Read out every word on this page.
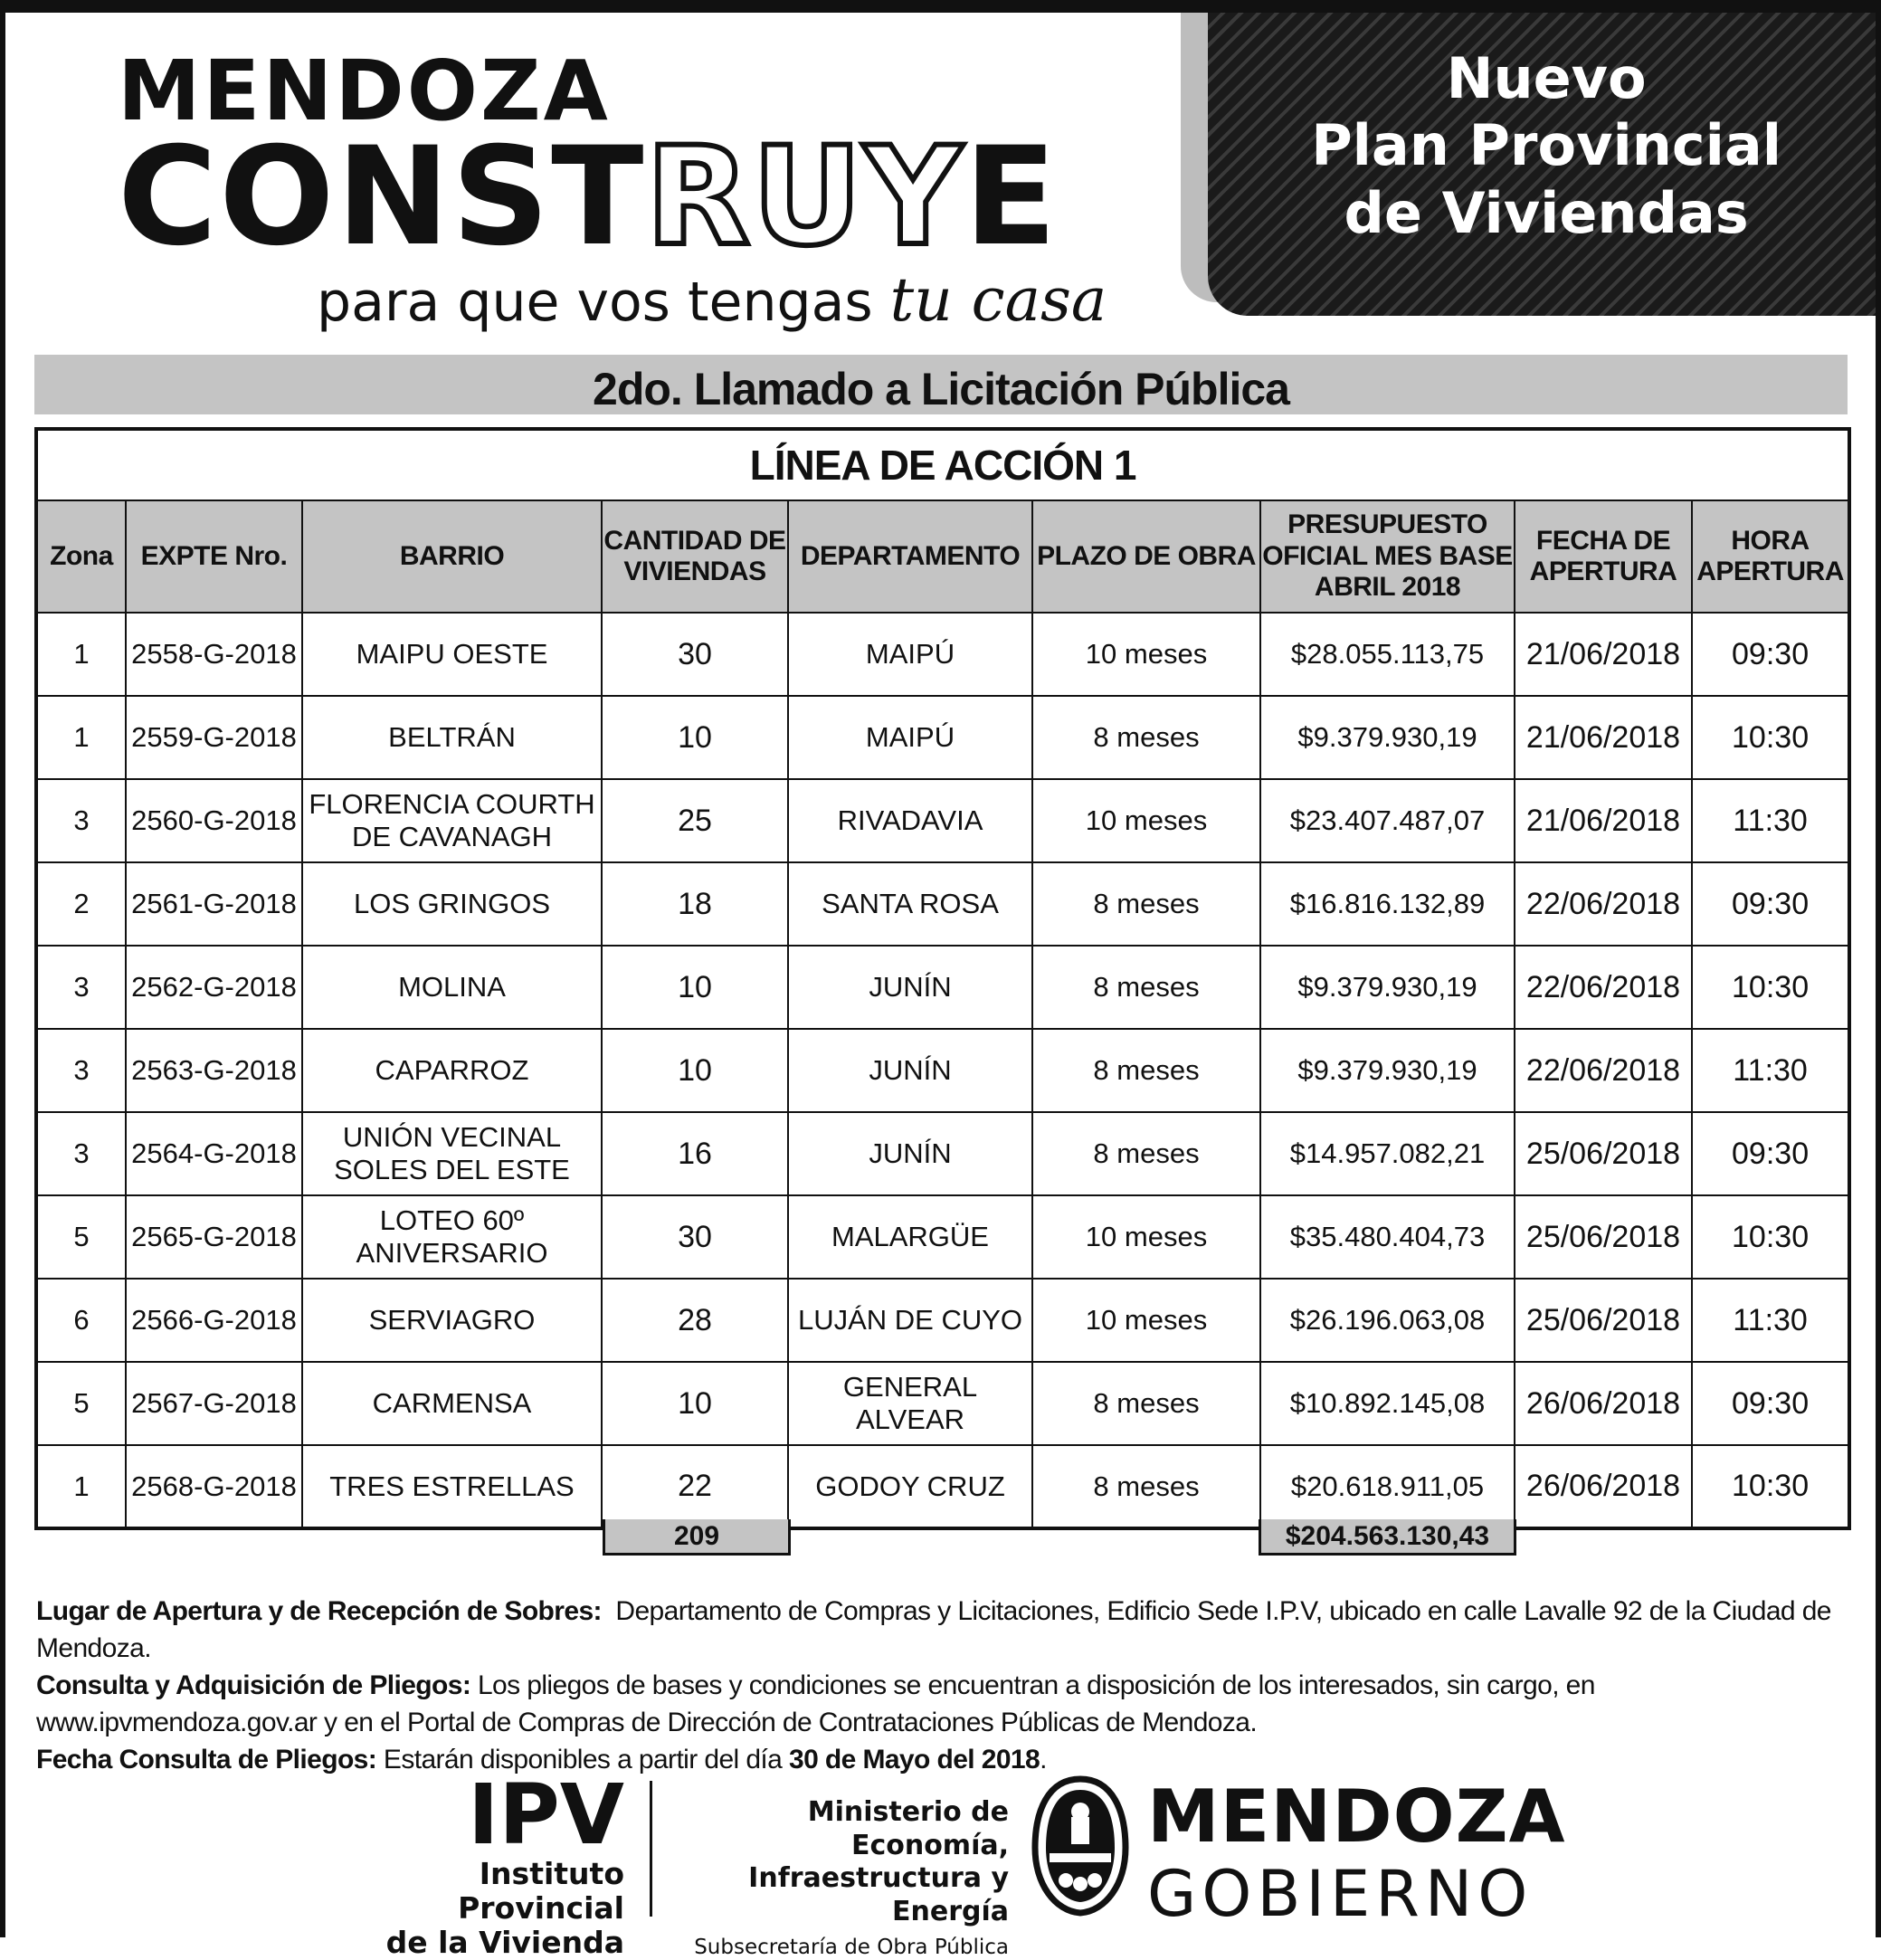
MENDOZA
CONSTRUYE
para que vos tengas tu casa
Nuevo
Plan Provincial
de Viviendas
2do. Llamado a Licitación Pública
LÍNEA DE ACCIÓN 1								
Zona	EXPTE Nro.	BARRIO	CANTIDAD DE VIVIENDAS	DEPARTAMENTO	PLAZO DE OBRA	PRESUPUESTO OFICIAL MES BASE ABRIL 2018	FECHA DE APERTURA	HORA APERTURA
1	2558-G-2018	MAIPU OESTE	30	MAIPÚ	10 meses	$28.055.113,75	21/06/2018	09:30
1	2559-G-2018	BELTRÁN	10	MAIPÚ	8 meses	$9.379.930,19	21/06/2018	10:30
3	2560-G-2018	FLORENCIA COURTH DE CAVANAGH	25	RIVADAVIA	10 meses	$23.407.487,07	21/06/2018	11:30
2	2561-G-2018	LOS GRINGOS	18	SANTA ROSA	8 meses	$16.816.132,89	22/06/2018	09:30
3	2562-G-2018	MOLINA	10	JUNÍN	8 meses	$9.379.930,19	22/06/2018	10:30
3	2563-G-2018	CAPARROZ	10	JUNÍN	8 meses	$9.379.930,19	22/06/2018	11:30
3	2564-G-2018	UNIÓN VECINAL SOLES DEL ESTE	16	JUNÍN	8 meses	$14.957.082,21	25/06/2018	09:30
5	2565-G-2018	LOTEO 60º ANIVERSARIO	30	MALARGÜE	10 meses	$35.480.404,73	25/06/2018	10:30
6	2566-G-2018	SERVIAGRO	28	LUJÁN DE CUYO	10 meses	$26.196.063,08	25/06/2018	11:30
5	2567-G-2018	CARMENSA	10	GENERAL ALVEAR	8 meses	$10.892.145,08	26/06/2018	09:30
1	2568-G-2018	TRES ESTRELLAS	22	GODOY CRUZ	8 meses	$20.618.911,05	26/06/2018	10:30
209	$204.563.130,43
Lugar de Apertura y de Recepción de Sobres: Departamento de Compras y Licitaciones, Edificio Sede I.P.V, ubicado en calle Lavalle 92 de la Ciudad de Mendoza.
Consulta y Adquisición de Pliegos: Los pliegos de bases y condiciones se encuentran a disposición de los interesados, sin cargo, en www.ipvmendoza.gov.ar y en el Portal de Compras de Dirección de Contrataciones Públicas de Mendoza.
Fecha Consulta de Pliegos: Estarán disponibles a partir del día 30 de Mayo del 2018.
IPV
Instituto Provincial
de la Vivienda
Ministerio de Economía,
Infraestructura y Energía
Subsecretaría de Obra Pública
MENDOZA
GOBIERNO
